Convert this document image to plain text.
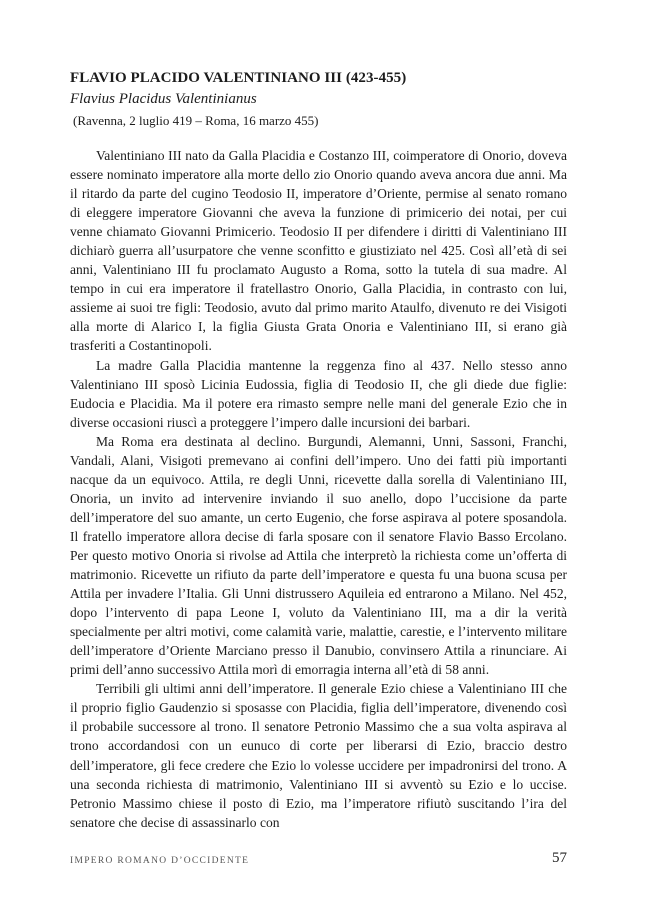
FLAVIO PLACIDO VALENTINIANO III (423-455)
Flavius Placidus Valentinianus
(Ravenna, 2 luglio 419 – Roma, 16 marzo 455)

Valentiniano III nato da Galla Placidia e Costanzo III, coimperatore di Onorio, doveva essere nominato imperatore alla morte dello zio Onorio quando aveva ancora due anni. Ma il ritardo da parte del cugino Teodosio II, imperatore d’Oriente, permise al senato romano di eleggere imperatore Giovanni che aveva la funzione di primicerio dei notai, per cui venne chiamato Giovanni Primicerio. Teodosio II per difendere i diritti di Valentiniano III dichiarò guerra all’usurpatore che venne sconfitto e giustiziato nel 425. Così all’età di sei anni, Valentiniano III fu proclamato Augusto a Roma, sotto la tutela di sua madre. Al tempo in cui era imperatore il fratellastro Onorio, Galla Placidia, in contrasto con lui, assieme ai suoi tre figli: Teodosio, avuto dal primo marito Ataulfo, divenuto re dei Visigoti alla morte di Alarico I, la figlia Giusta Grata Onoria e Valentiniano III, si erano già trasferiti a Costantinopoli.

La madre Galla Placidia mantenne la reggenza fino al 437. Nello stesso anno Valentiniano III sposò Licinia Eudossia, figlia di Teodosio II, che gli diede due figlie: Eudocia e Placidia. Ma il potere era rimasto sempre nelle mani del generale Ezio che in diverse occasioni riuscì a proteggere l’impero dalle incursioni dei barbari.

Ma Roma era destinata al declino. Burgundi, Alemanni, Unni, Sassoni, Franchi, Vandali, Alani, Visigoti premevano ai confini dell’impero. Uno dei fatti più importanti nacque da un equivoco. Attila, re degli Unni, ricevette dalla sorella di Valentiniano III, Onoria, un invito ad intervenire inviando il suo anello, dopo l’uccisione da parte dell’imperatore del suo amante, un certo Eugenio, che forse aspirava al potere sposandola. Il fratello imperatore allora decise di farla sposare con il senatore Flavio Basso Ercolano. Per questo motivo Onoria si rivolse ad Attila che interpretò la richiesta come un’offerta di matrimonio. Ricevette un rifiuto da parte dell’imperatore e questa fu una buona scusa per Attila per invadere l’Italia. Gli Unni distrussero Aquileia ed entrarono a Milano. Nel 452, dopo l’intervento di papa Leone I, voluto da Valentiniano III, ma a dir la verità specialmente per altri motivi, come calamità varie, malattie, carestie, e l’intervento militare dell’imperatore d’Oriente Marciano presso il Danubio, convinsero Attila a rinunciare. Ai primi dell’anno successivo Attila morì di emorragia interna all’età di 58 anni.

Terribili gli ultimi anni dell’imperatore. Il generale Ezio chiese a Valentiniano III che il proprio figlio Gaudenzio si sposasse con Placidia, figlia dell’imperatore, divenendo così il probabile successore al trono. Il senatore Petronio Massimo che a sua volta aspirava al trono accordandosi con un eunuco di corte per liberarsi di Ezio, braccio destro dell’imperatore, gli fece credere che Ezio lo volesse uccidere per impadronirsi del trono. A una seconda richiesta di matrimonio, Valentiniano III si avventò su Ezio e lo uccise. Petronio Massimo chiese il posto di Ezio, ma l’imperatore rifiutò suscitando l’ira del senatore che decise di assassinarlo con

IMPERO ROMANO D’OCCIDENTE	57
